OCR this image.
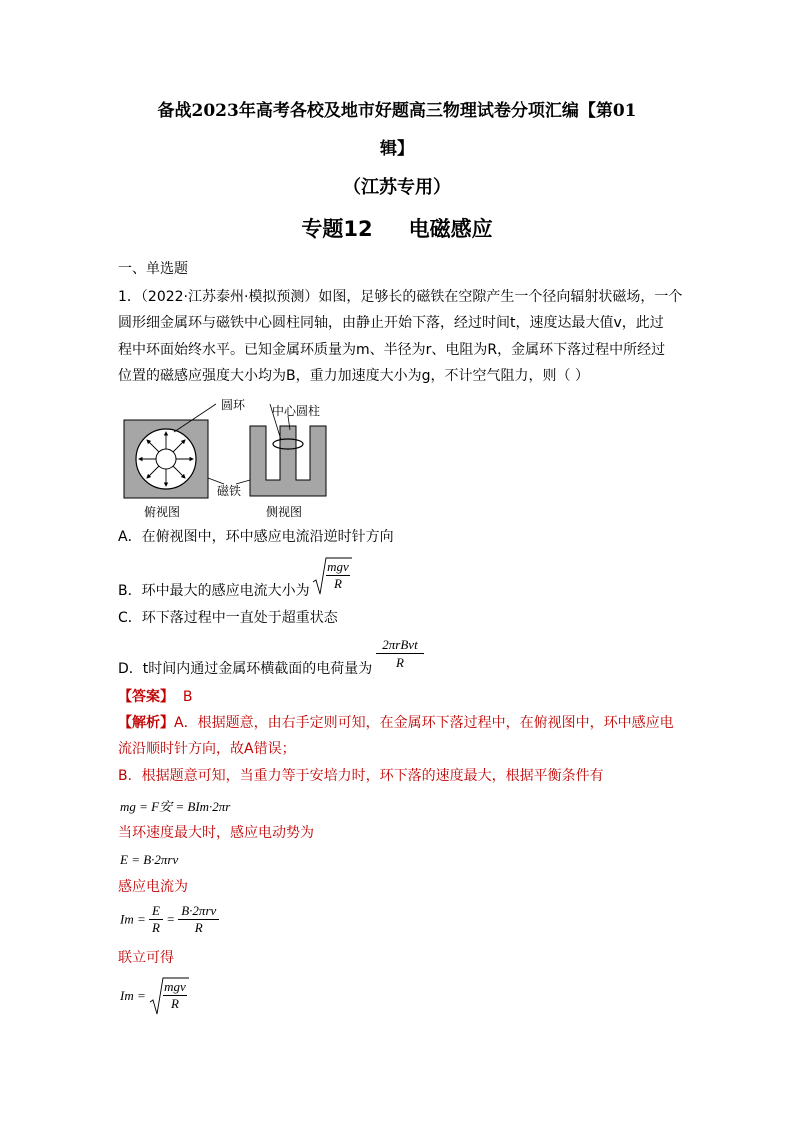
备战2023年高考各校及地市好题高三物理试卷分项汇编【第01
辑】
（江苏专用）
专题12 电磁感应
一、单选题
1．（2022·江苏泰州·模拟预测）如图，足够长的磁铁在空隙产生一个径向辐射状磁场，一个
圆形细金属环与磁铁中心圆柱同轴，由静止开始下落，经过时间t，速度达最大值v，此过
程中环面始终水平。已知金属环质量为m、半径为r、电阻为R，金属环下落过程中所经过
位置的磁感应强度大小均为B，重力加速度大小为g，不计空气阻力，则（ ）
圆环 中心圆柱
磁铁
俯视图	侧视图
A．在俯视图中，环中感应电流沿逆时针方向
B．环中最大的感应电流大小为
mgv
R
C．环下落过程中一直处于超重状态
D．t时间内通过金属环横截面的电荷量为
2πrBvt
R
【答案】 B
【解析】A．根据题意，由右手定则可知，在金属环下落过程中，在俯视图中，环中感应电
流沿顺时针方向，故A错误；
B．根据题意可知，当重力等于安培力时，环下落的速度最大，根据平衡条件有
mg = F安 = BIm·2πr
当环速度最大时，感应电动势为
E = B·2πrv
感应电流为
$Im = \frac{E}{R} = \frac{\text{B·2πrv}}{R}$
联立可得
Im =
mgv
R
